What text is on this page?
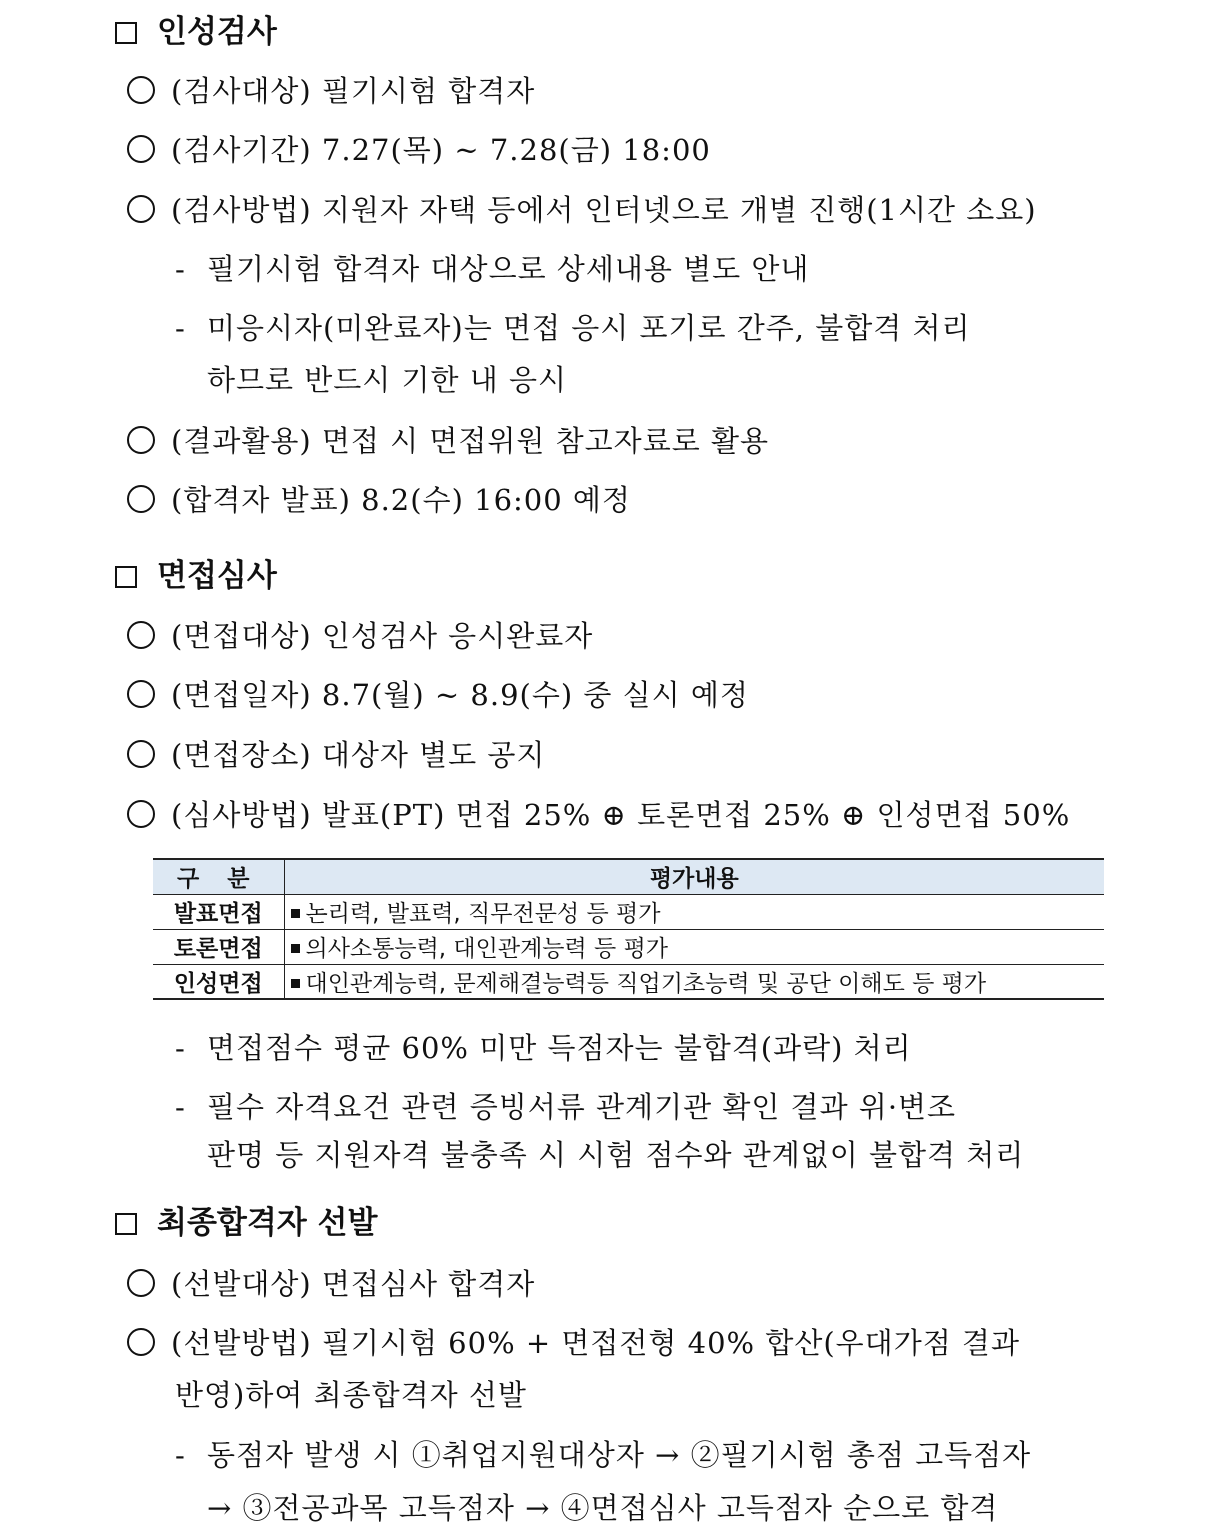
인성검사
(검사대상) 필기시험 합격자
(검사기간) 7.27(목) ~ 7.28(금) 18:00
(검사방법) 지원자 자택 등에서 인터넷으로 개별 진행(1시간 소요)
- 필기시험 합격자 대상으로 상세내용 별도 안내
- 미응시자(미완료자)는 면접 응시 포기로 간주, 불합격 처리
하므로 반드시 기한 내 응시
(결과활용) 면접 시 면접위원 참고자료로 활용
(합격자 발표) 8.2(수) 16:00 예정
면접심사
(면접대상) 인성검사 응시완료자
(면접일자) 8.7(월) ~ 8.9(수) 중 실시 예정
(면접장소) 대상자 별도 공지
(심사방법) 발표(PT) 면접 25% ⊕ 토론면접 25% ⊕ 인성면접 50%
구 분	평가내용
발표면접	논리력, 발표력, 직무전문성 등 평가
토론면접	의사소통능력, 대인관계능력 등 평가
인성면접	대인관계능력, 문제해결능력등 직업기초능력 및 공단 이해도 등 평가
- 면접점수 평균 60% 미만 득점자는 불합격(과락) 처리
- 필수 자격요건 관련 증빙서류 관계기관 확인 결과 위·변조
판명 등 지원자격 불충족 시 시험 점수와 관계없이 불합격 처리
최종합격자 선발
(선발대상) 면접심사 합격자
(선발방법) 필기시험 60% + 면접전형 40% 합산(우대가점 결과
반영)하여 최종합격자 선발
- 동점자 발생 시 ①취업지원대상자 → ②필기시험 총점 고득점자
→ ③전공과목 고득점자 → ④면접심사 고득점자 순으로 합격
